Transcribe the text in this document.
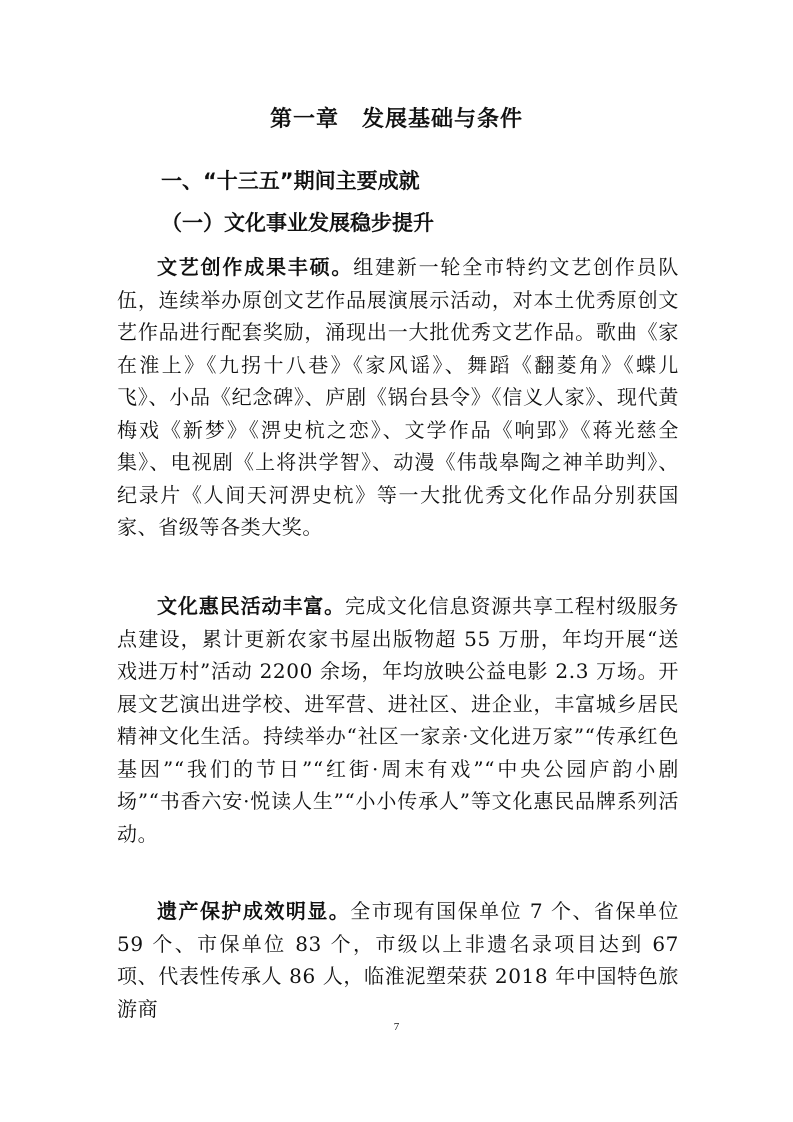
第一章　发展基础与条件
一、“十三五”期间主要成就
（一）文化事业发展稳步提升

文艺创作成果丰硕。组建新一轮全市特约文艺创作员队伍，连续举办原创文艺作品展演展示活动，对本土优秀原创文艺作品进行配套奖励，涌现出一大批优秀文艺作品。歌曲《家在淮上》《九拐十八巷》《家风谣》、舞蹈《翻菱角》《蝶儿飞》、小品《纪念碑》、庐剧《锅台县令》《信义人家》、现代黄梅戏《新梦》《淠史杭之恋》、文学作品《响郢》《蒋光慈全集》、电视剧《上将洪学智》、动漫《伟哉皋陶之神羊助判》、纪录片《人间天河淠史杭》等一大批优秀文化作品分别获国家、省级等各类大奖。

文化惠民活动丰富。完成文化信息资源共享工程村级服务点建设，累计更新农家书屋出版物超 55 万册，年均开展“送戏进万村”活动 2200 余场，年均放映公益电影 2.3 万场。开展文艺演出进学校、进军营、进社区、进企业，丰富城乡居民精神文化生活。持续举办“社区一家亲·文化进万家”“传承红色基因”“我们的节日”“红街·周末有戏”“中央公园庐韵小剧场”“书香六安·悦读人生”“小小传承人”等文化惠民品牌系列活动。

遗产保护成效明显。全市现有国保单位 7 个、省保单位 59 个、市保单位 83 个，市级以上非遗名录项目达到 67 项、代表性传承人 86 人，临淮泥塑荣获 2018 年中国特色旅游商

7
